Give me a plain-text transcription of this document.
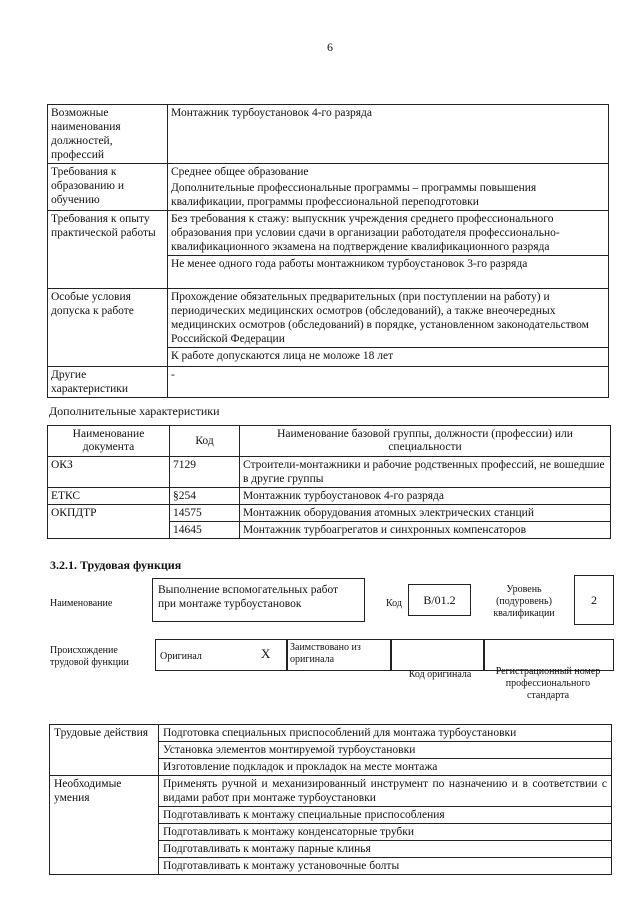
6
Возможные наименования должностей, профессий	Монтажник турбоустановок 4-го разряда

Требования к образованию и обучению	Среднее общее образование
Дополнительные профессиональные программы – программы повышения квалификации, программы профессиональной переподготовки

Требования к опыту практической работы	Без требования к стажу: выпускник учреждения среднего профессионального образования при условии сдачи в организации работодателя профессионально-квалификационного экзамена на подтверждение квалификационного разряда
Не менее одного года работы монтажником турбоустановок 3-го разряда

Особые условия допуска к работе	Прохождение обязательных предварительных (при поступлении на работу) и периодических медицинских осмотров (обследований), а также внеочередных медицинских осмотров (обследований) в порядке, установленном законодательством Российской Федерации
К работе допускаются лица не моложе 18 лет

Другие характеристики	-
Дополнительные характеристики
Наименование документа	Код	Наименование базовой группы, должности (профессии) или специальности
ОКЗ	7129	Строители-монтажники и рабочие родственных профессий, не вошедшие в другие группы
ЕТКС	§254	Монтажник турбоустановок 4-го разряда
ОКПДТР	14575	Монтажник оборудования атомных электрических станций
	14645	Монтажник турбоагрегатов и синхронных компенсаторов
3.2.1. Трудовая функция
Наименование
Выполнение вспомогательных работ при монтаже турбоустановок	Код	B/01.2
Уровень (подуровень) квалификации
2
Происхождение трудовой функции
Оригинал	X Заимствовано из оригинала
Код оригинала	Регистрационный номер профессионального стандарта
Трудовые действия	Подготовка специальных приспособлений для монтажа турбоустановки
	Установка элементов монтируемой турбоустановки
	Изготовление подкладок и прокладок на месте монтажа
Необходимые умения	Применять ручной и механизированный инструмент по назначению и в соответствии с видами работ при монтаже турбоустановки
	Подготавливать к монтажу специальные приспособления
	Подготавливать к монтажу конденсаторные трубки
	Подготавливать к монтажу парные клинья
	Подготавливать к монтажу установочные болты
